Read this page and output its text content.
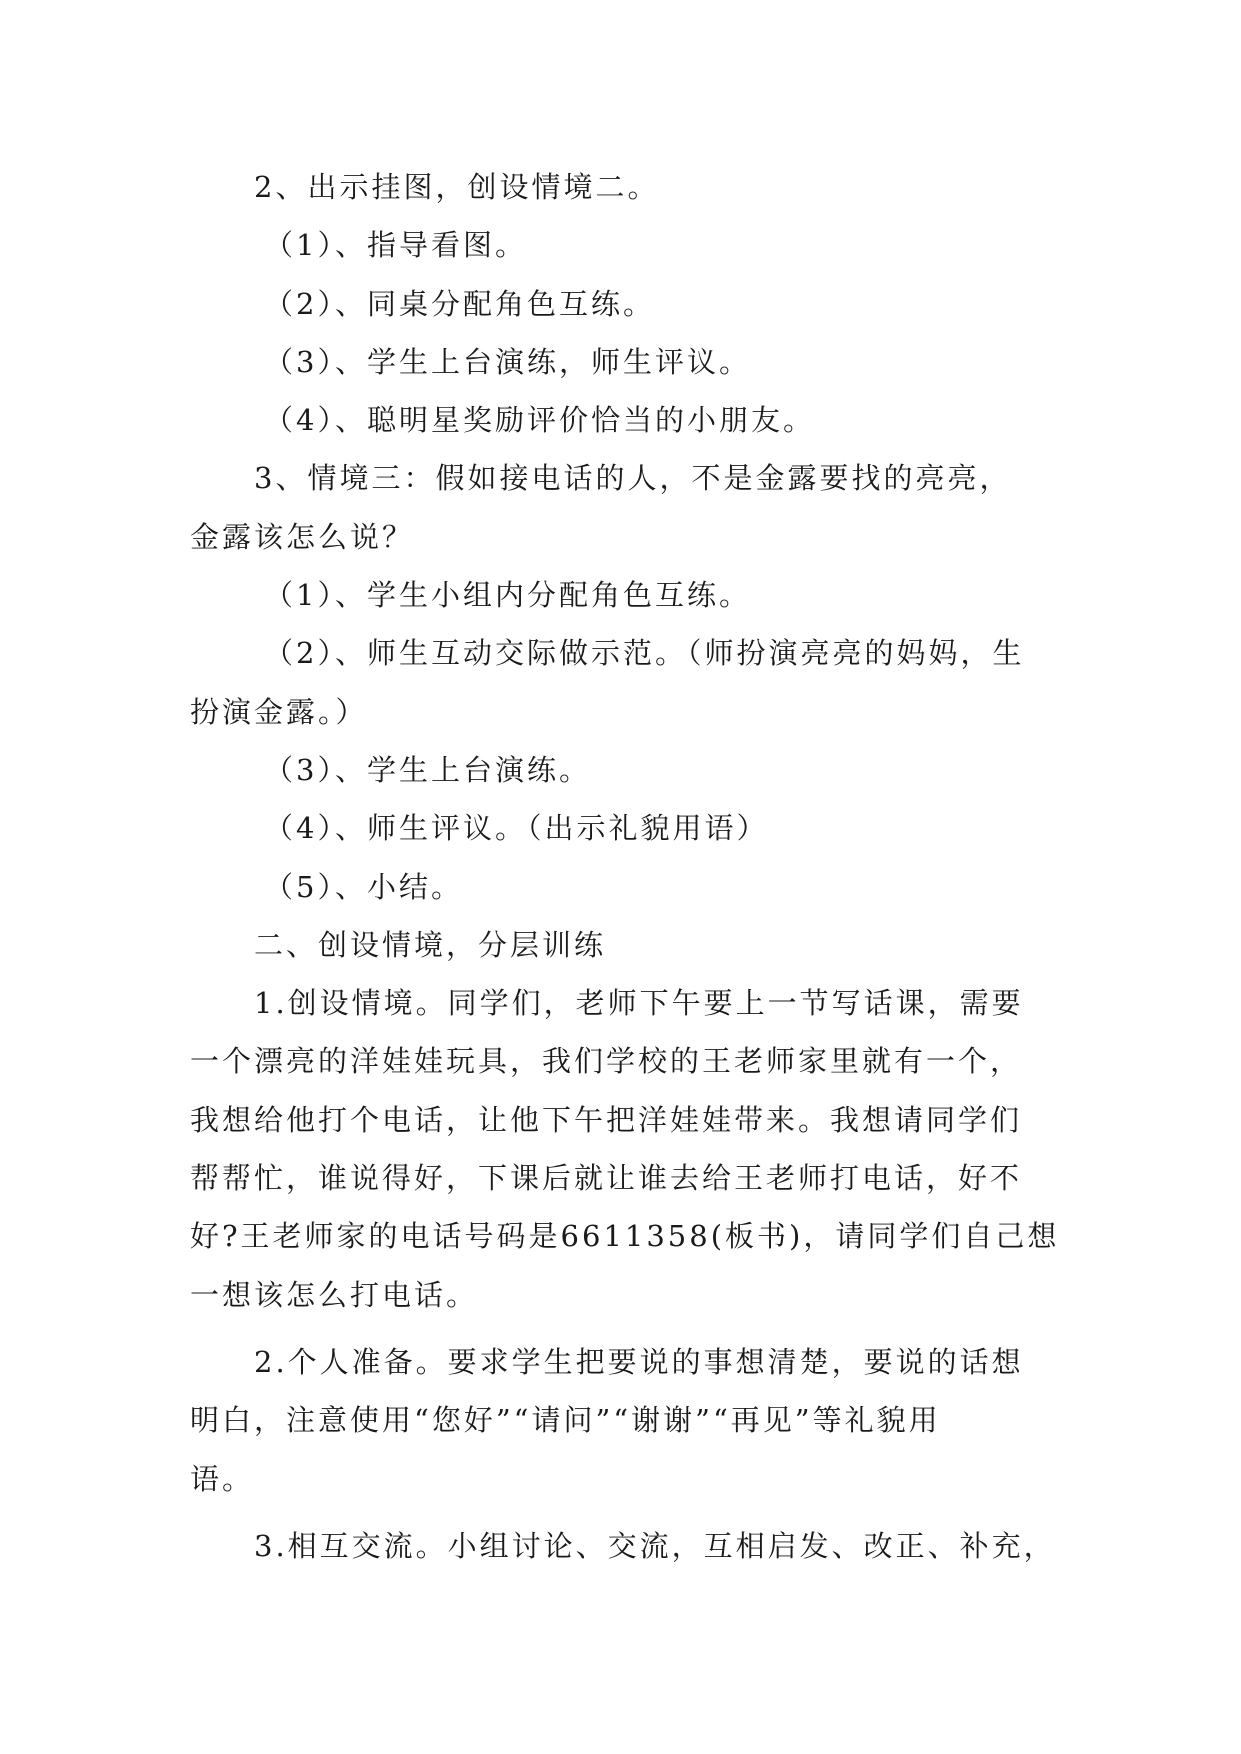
2、出示挂图，创设情境二。
（1）、指导看图。
（2）、同桌分配角色互练。
（3）、学生上台演练，师生评议。
（4）、聪明星奖励评价恰当的小朋友。
3、情境三：假如接电话的人，不是金露要找的亮亮，
金露该怎么说？
（1）、学生小组内分配角色互练。
（2）、师生互动交际做示范。（师扮演亮亮的妈妈，生
扮演金露。）
（3）、学生上台演练。
（4）、师生评议。（出示礼貌用语）
（5）、小结。
二、创设情境，分层训练
1.创设情境。同学们，老师下午要上一节写话课，需要
一个漂亮的洋娃娃玩具，我们学校的王老师家里就有一个，
我想给他打个电话，让他下午把洋娃娃带来。我想请同学们
帮帮忙，谁说得好，下课后就让谁去给王老师打电话，好不
好?王老师家的电话号码是6611358(板书)，请同学们自己想
一想该怎么打电话。
2.个人准备。要求学生把要说的事想清楚，要说的话想
明白，注意使用“您好”“请问”“谢谢”“再见”等礼貌用
语。
3.相互交流。小组讨论、交流，互相启发、改正、补充，
